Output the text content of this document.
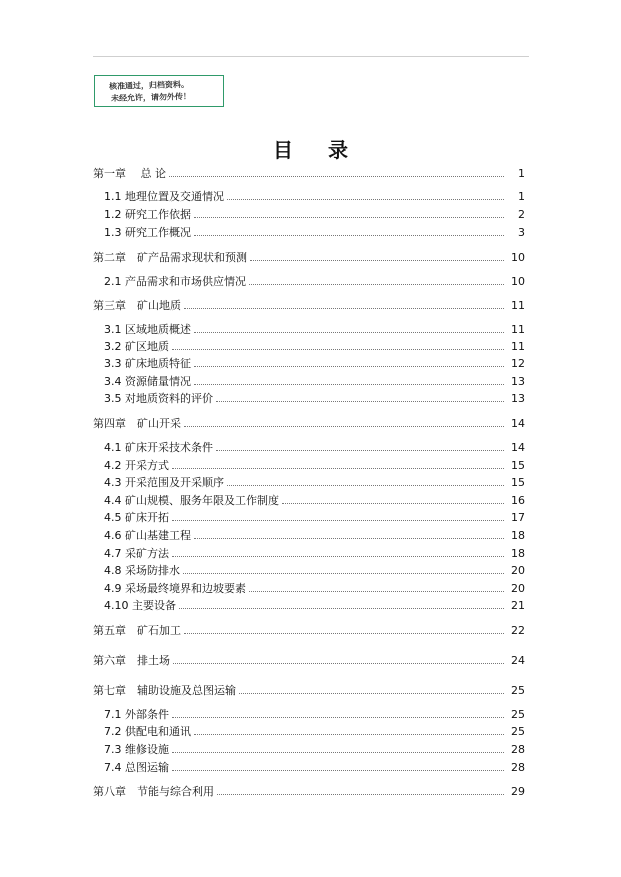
核准通过，归档资料。
未经允许，请勿外传！
目 录
第一章　 总 论	1
1.1 地理位置及交通情况	1
1.2 研究工作依据	2
1.3 研究工作概况	3
第二章　矿产品需求现状和预测	10
2.1 产品需求和市场供应情况	10
第三章　矿山地质	11
3.1 区域地质概述	11
3.2 矿区地质	11
3.3 矿床地质特征	12
3.4 资源储量情况	13
3.5 对地质资料的评价	13
第四章　矿山开采	14
4.1 矿床开采技术条件	14
4.2 开采方式	15
4.3 开采范围及开采顺序	15
4.4 矿山规模、服务年限及工作制度	16
4.5 矿床开拓	17
4.6 矿山基建工程	18
4.7 采矿方法	18
4.8 采场防排水	20
4.9 采场最终境界和边坡要素	20
4.10 主要设备	21
第五章　矿石加工	22
第六章　排土场	24
第七章　辅助设施及总图运输	25
7.1 外部条件	25
7.2 供配电和通讯	25
7.3 维修设施	28
7.4 总图运输	28
第八章　节能与综合利用	29
